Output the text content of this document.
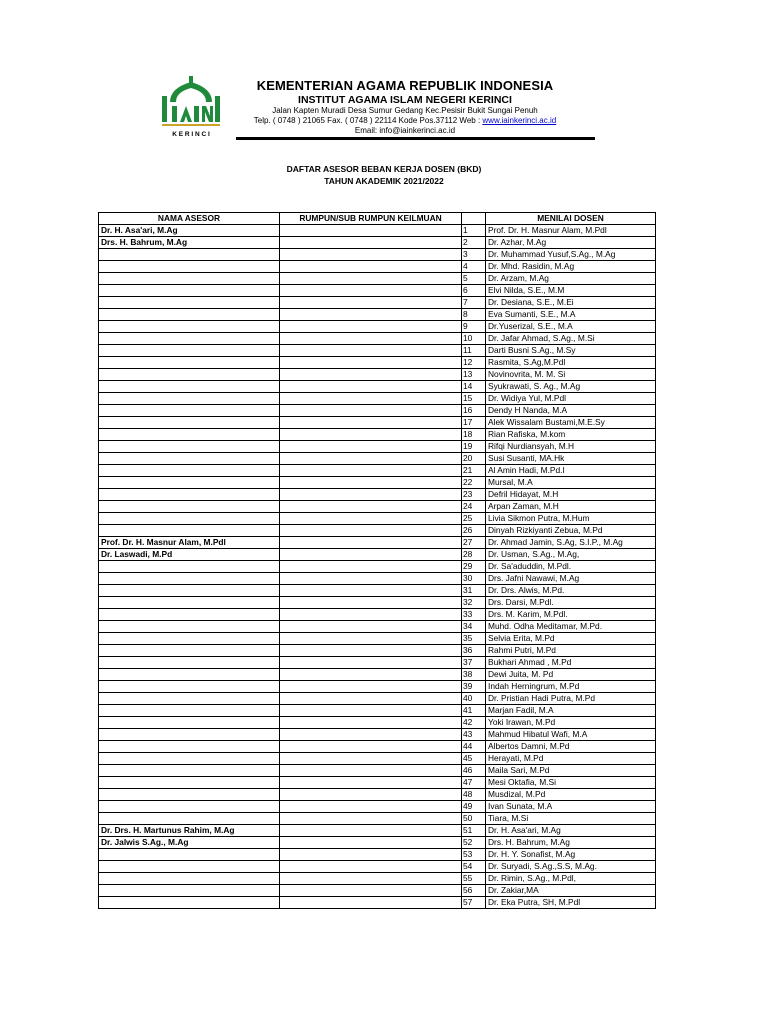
K E R I N C I
KEMENTERIAN AGAMA REPUBLIK INDONESIA
INSTITUT AGAMA ISLAM NEGERI KERINCI
Jalan Kapten Muradi Desa Sumur Gedang Kec.Pesisir Bukit Sungai Penuh
Telp. ( 0748 ) 21065 Fax. ( 0748 ) 22114 Kode Pos.37112 Web : www.iainkerinci.ac.id
Email: info@iainkerinci.ac.id
DAFTAR ASESOR BEBAN KERJA DOSEN (BKD)
TAHUN AKADEMIK 2021/2022
NAMA ASESOR	RUMPUN/SUB RUMPUN KEILMUAN		MENILAI DOSEN
Dr. H. Asa'ari, M.Ag		1	Prof. Dr. H. Masnur Alam, M.Pdl
Drs. H. Bahrum, M.Ag		2	Dr. Azhar, M.Ag
		3	Dr. Muhammad Yusuf,S.Ag., M.Ag
		4	Dr. Mhd. Rasidin, M.Ag
		5	Dr. Arzam, M.Ag
		6	Elvi Nilda, S.E., M.M
		7	Dr. Desiana, S.E., M.Ei
		8	Eva Sumanti, S.E., M.A
		9	Dr.Yuserizal, S.E., M.A
		10	Dr. Jafar Ahmad, S.Ag., M.Si
		11	Darti Busni S.Ag., M.Sy
		12	Rasmita, S.Ag,M.Pdl
		13	Novinovrita, M. M. Si
		14	Syukrawati, S. Ag., M.Ag
		15	Dr. Widiya Yul, M.Pdl
		16	Dendy H Nanda, M.A
		17	Alek Wissalam Bustami,M.E.Sy
		18	Rian Rafiska, M.kom
		19	Rifqi Nurdiansyah, M.H
		20	Susi Susanti, MA.Hk
		21	Al Amin Hadi, M.Pd.I
		22	Mursal, M.A
		23	Defril Hidayat, M.H
		24	Arpan Zaman, M.H
		25	Livia Sikmon Putra, M.Hum
		26	Dinyah Rizkiyanti Zebua, M.Pd
Prof. Dr. H. Masnur Alam, M.Pdl		27	Dr. Ahmad Jamin, S.Ag, S.I.P., M.Ag
Dr. Laswadi, M.Pd		28	Dr. Usman, S.Ag., M.Ag,
		29	Dr. Sa'aduddin, M.Pdl.
		30	Drs. Jafni Nawawi, M.Ag
		31	Dr. Drs. Alwis, M.Pd.
		32	Drs. Darsi, M.Pdl.
		33	Drs. M. Karim, M.Pdl.
		34	Muhd. Odha Meditamar, M.Pd.
		35	Selvia Erita, M.Pd
		36	Rahmi Putri, M.Pd
		37	Bukhari Ahmad , M.Pd
		38	Dewi Juita, M. Pd
		39	Indah Herningrum, M.Pd
		40	Dr. Pristian Hadi Putra, M.Pd
		41	Marjan Fadil, M.A
		42	Yoki Irawan, M.Pd
		43	Mahmud Hibatul Wafi, M.A
		44	Albertos Damni, M.Pd
		45	Herayati, M.Pd
		46	Maila Sari, M.Pd
		47	Mesi Oktafia, M.Si
		48	Musdizal, M.Pd
		49	Ivan Sunata, M.A
		50	Tiara, M.Si
Dr. Drs. H. Martunus Rahim, M.Ag		51	Dr. H. Asa'ari, M.Ag
Dr. Jalwis S.Ag., M.Ag		52	Drs. H. Bahrum, M.Ag
		53	Dr. H. Y. Sonafist, M.Ag
		54	Dr. Suryadi, S.Ag.,S.S, M.Ag.
		55	Dr. Rimin, S.Ag., M.Pdl,
		56	Dr. Zakiar,MA
		57	Dr. Eka Putra, SH, M.Pdl
